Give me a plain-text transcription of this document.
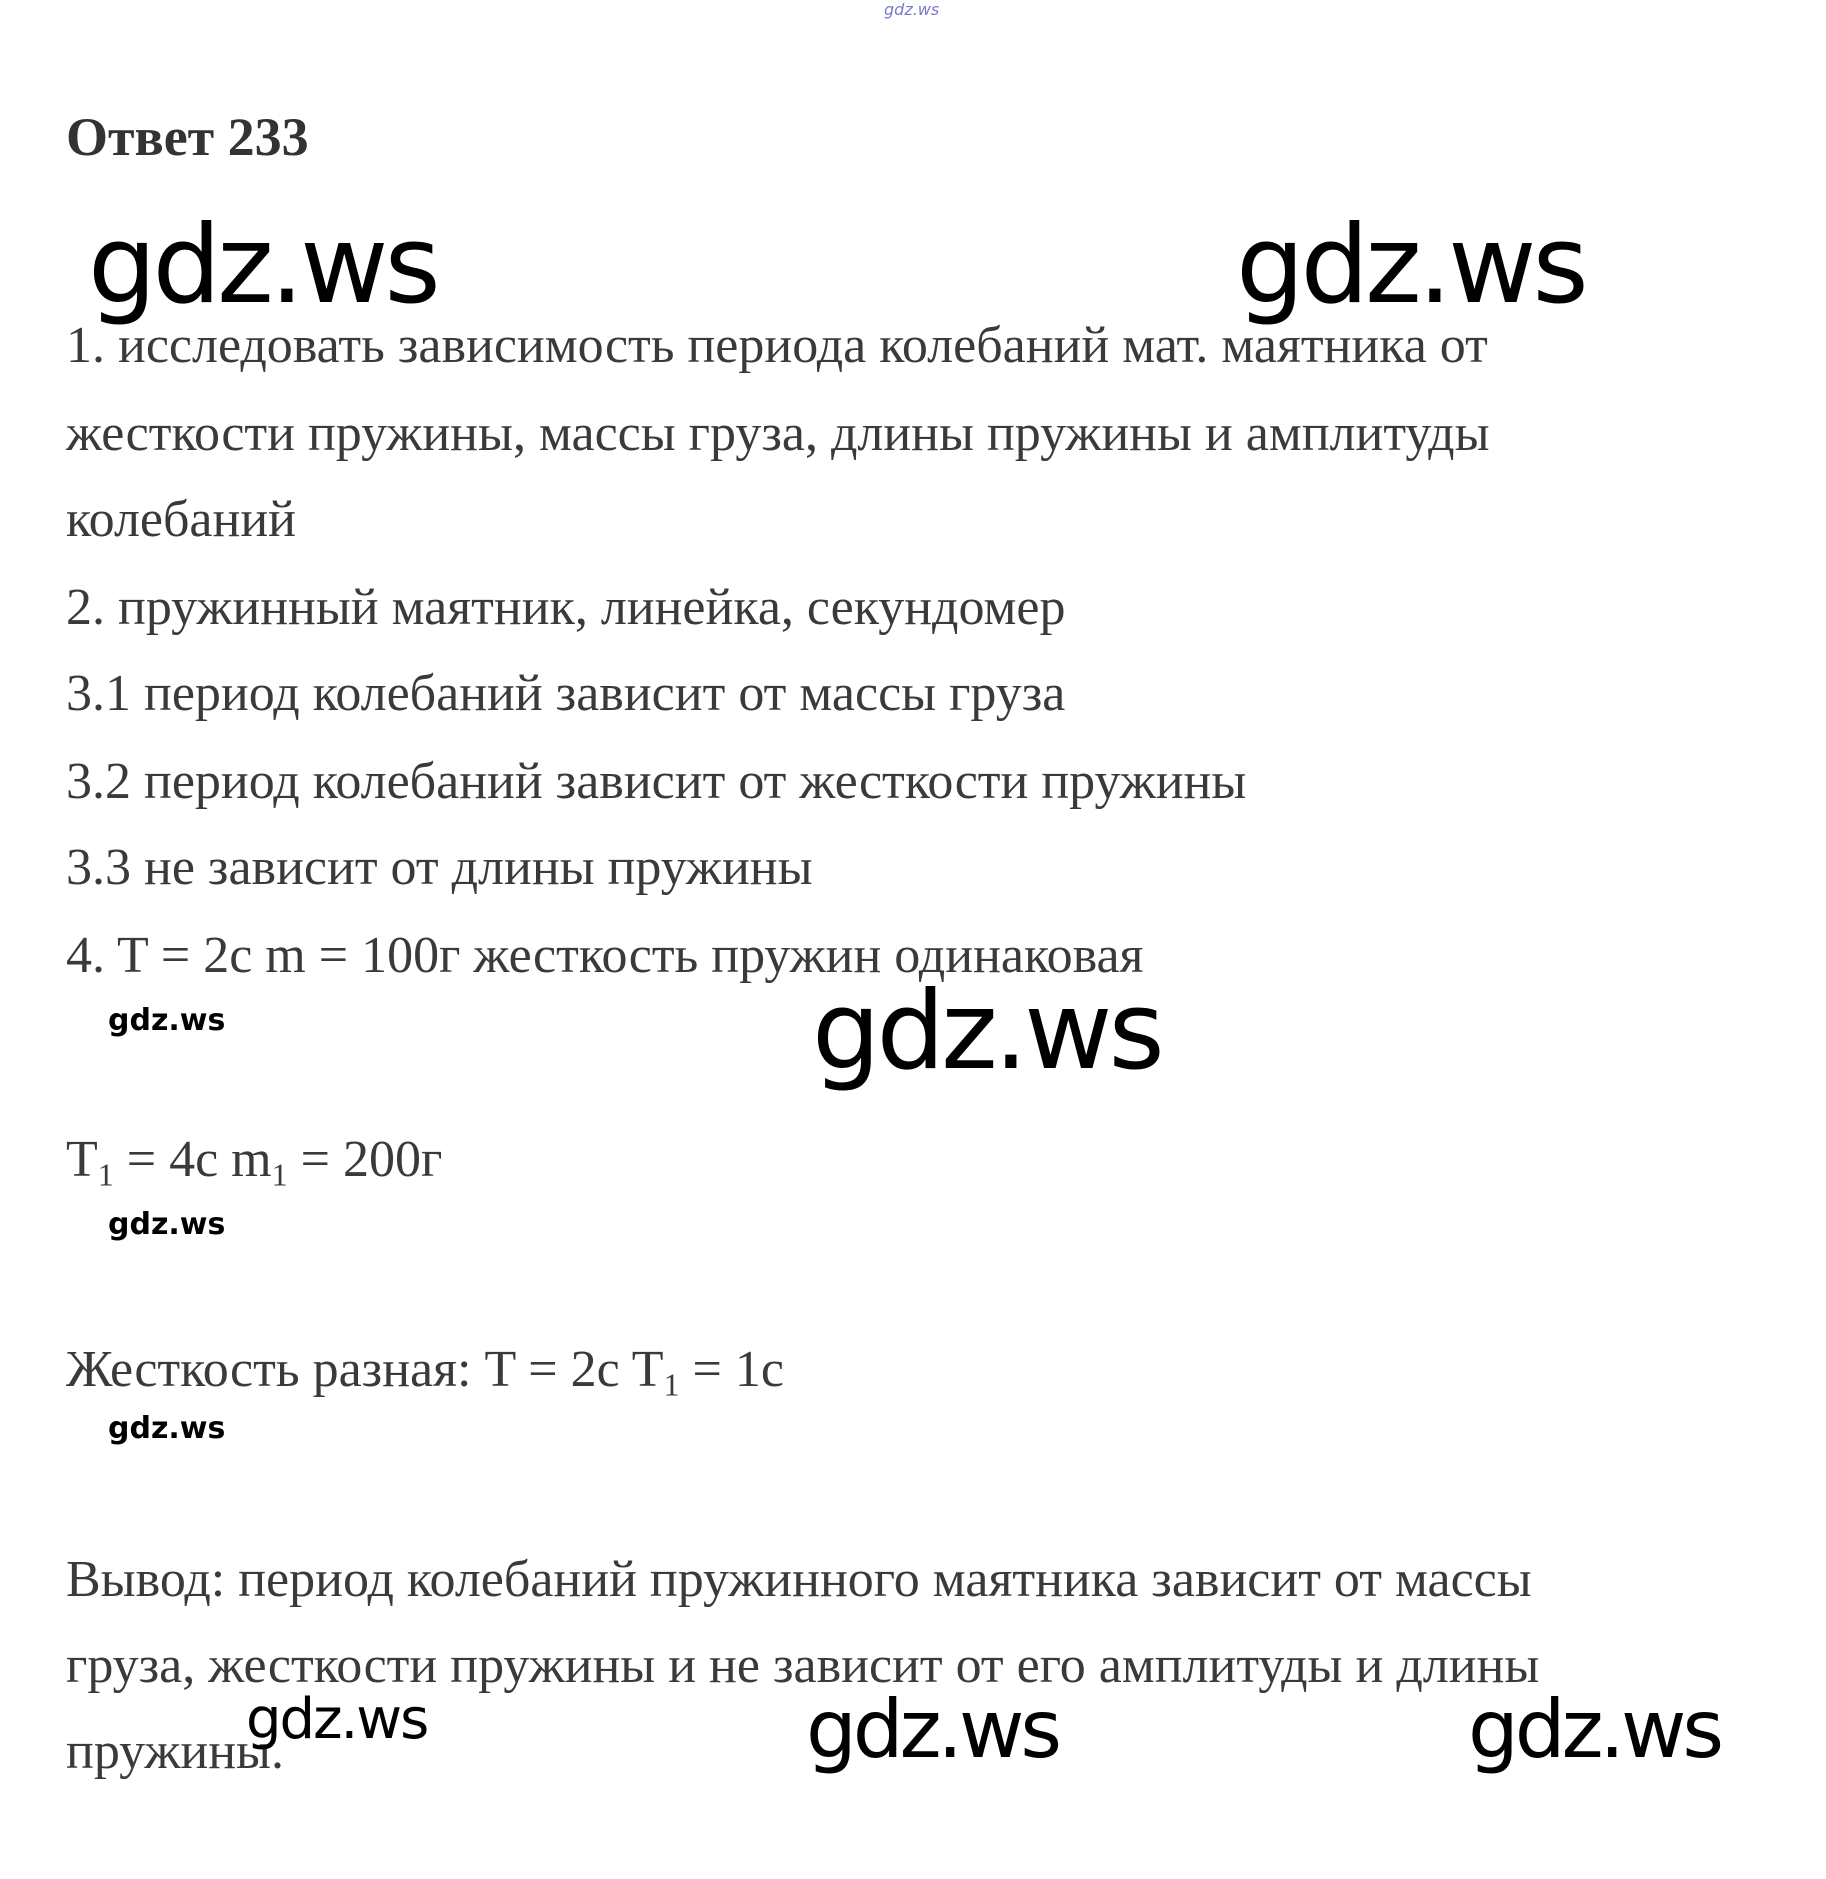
gdz.ws
Ответ 233
1. исследовать зависимость периода колебаний мат. маятника от
жесткости пружины, массы груза, длины пружины и амплитуды
колебаний
2. пружинный маятник, линейка, секундомер
3.1 период колебаний зависит от массы груза
3.2 период колебаний зависит от жесткости пружины
3.3 не зависит от длины пружины
4. T = 2c m = 100г жесткость пружин одинаковая
$T_1 = 4c$ $m_1 = 200г$
Жесткость разная: T = 2c $T_1 = 1c$
Вывод: период колебаний пружинного маятника зависит от массы
груза, жесткости пружины и не зависит от его амплитуды и длины
пружины.
gdz.ws	gdz.ws
gdz.ws	gdz.ws
gdz.ws
gdz.ws
gdz.ws	gdz.ws	gdz.ws
